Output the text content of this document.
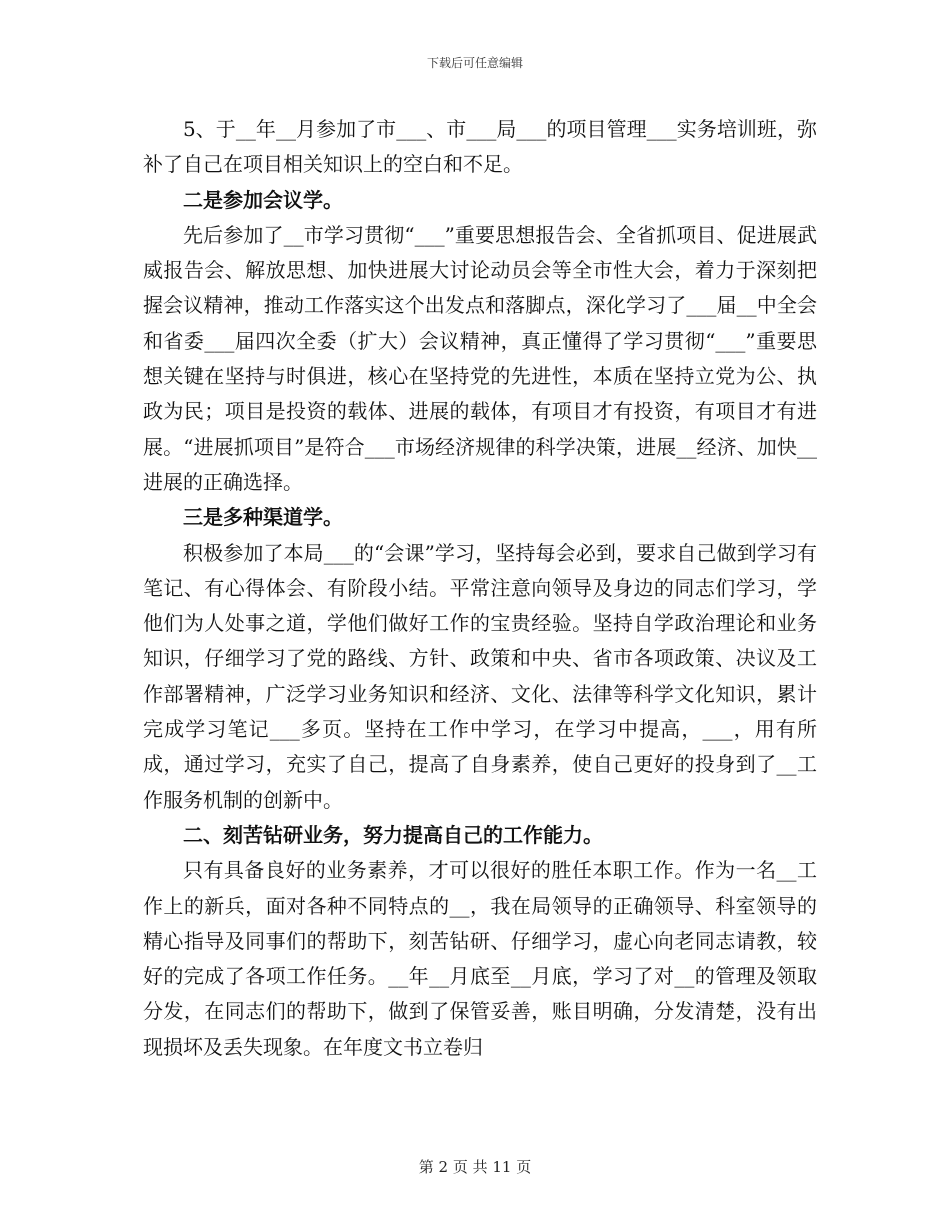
下载后可任意编辑

5、于__年__月参加了市___、市___局___的项目管理___实务培训班，弥补了自己在项目相关知识上的空白和不足。

二是参加会议学。

先后参加了__市学习贯彻“___”重要思想报告会、全省抓项目、促进展武威报告会、解放思想、加快进展大讨论动员会等全市性大会，着力于深刻把握会议精神，推动工作落实这个出发点和落脚点，深化学习了___届__中全会和省委___届四次全委（扩大）会议精神，真正懂得了学习贯彻“___”重要思想关键在坚持与时俱进，核心在坚持党的先进性，本质在坚持立党为公、执政为民；项目是投资的载体、进展的载体，有项目才有投资，有项目才有进展。“进展抓项目”是符合___市场经济规律的科学决策，进展__经济、加快__进展的正确选择。

三是多种渠道学。

积极参加了本局___的“会课”学习，坚持每会必到，要求自己做到学习有笔记、有心得体会、有阶段小结。平常注意向领导及身边的同志们学习，学他们为人处事之道，学他们做好工作的宝贵经验。坚持自学政治理论和业务知识，仔细学习了党的路线、方针、政策和中央、省市各项政策、决议及工作部署精神，广泛学习业务知识和经济、文化、法律等科学文化知识，累计完成学习笔记___多页。坚持在工作中学习，在学习中提高，___，用有所成，通过学习，充实了自己，提高了自身素养，使自己更好的投身到了__工作服务机制的创新中。

二、刻苦钻研业务，努力提高自己的工作能力。

只有具备良好的业务素养，才可以很好的胜任本职工作。作为一名__工作上的新兵，面对各种不同特点的__，我在局领导的正确领导、科室领导的精心指导及同事们的帮助下，刻苦钻研、仔细学习，虚心向老同志请教，较好的完成了各项工作任务。__年__月底至__月底，学习了对__的管理及领取分发，在同志们的帮助下，做到了保管妥善，账目明确，分发清楚，没有出现损坏及丢失现象。在年度文书立卷归

第 2 页 共 11 页
